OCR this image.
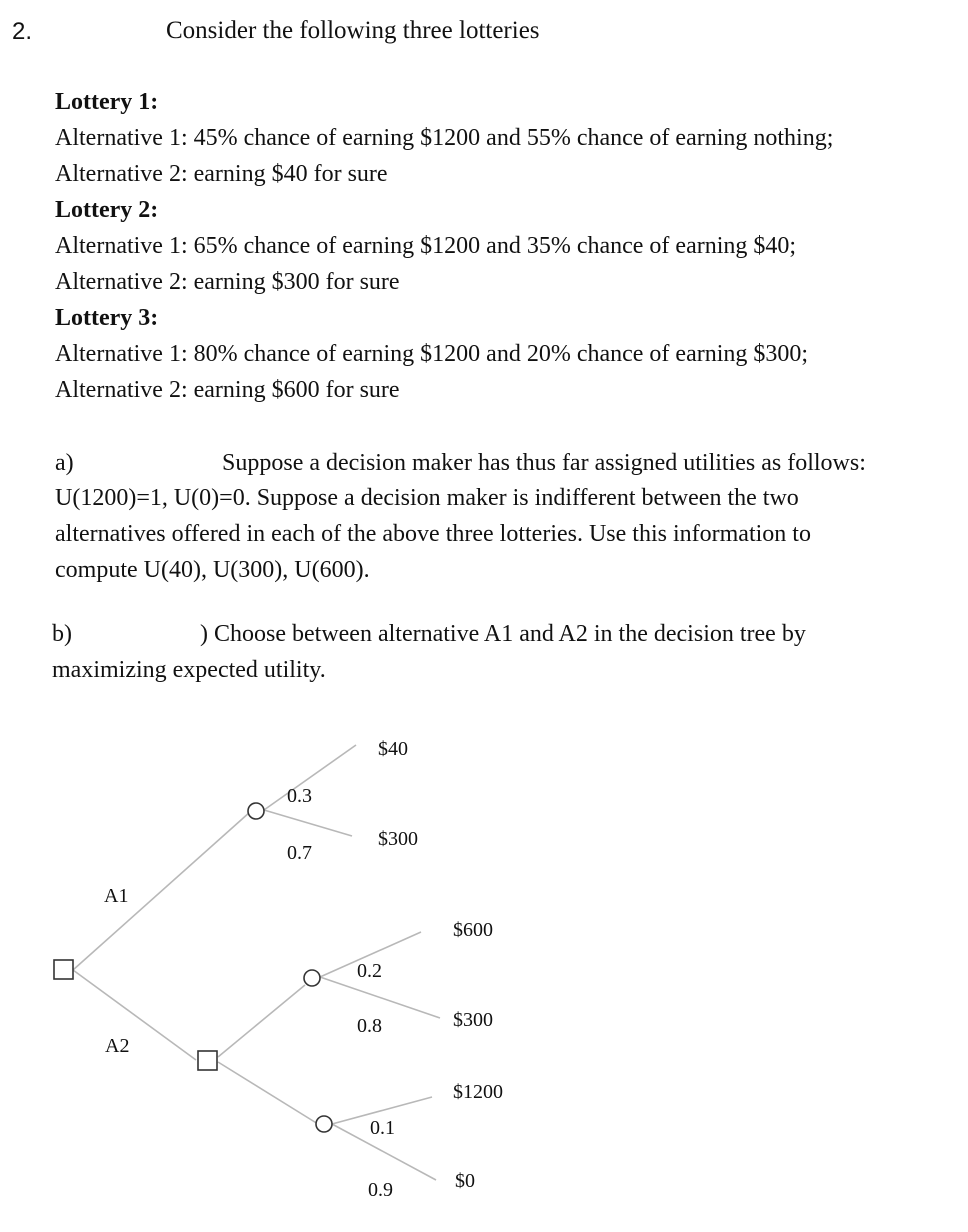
2.	Consider the following three lotteries
Lottery 1:
Alternative 1: 45% chance of earning $1200 and 55% chance of earning nothing;
Alternative 2: earning $40 for sure
Lottery 2:
Alternative 1: 65% chance of earning $1200 and 35% chance of earning $40;
Alternative 2: earning $300 for sure
Lottery 3:
Alternative 1: 80% chance of earning $1200 and 20% chance of earning $300;
Alternative 2: earning $600 for sure
a)	Suppose a decision maker has thus far assigned utilities as follows:
U(1200)=1, U(0)=0. Suppose a decision maker is indifferent between the two
alternatives offered in each of the above three lotteries. Use this information to
compute U(40), U(300), U(600).
b)	) Choose between alternative A1 and A2 in the decision tree by
maximizing expected utility.
A1
A2
0.3
0.7
$40
$300
0.2
0.8
$600
$300
0.1
0.9
$1200
$0
